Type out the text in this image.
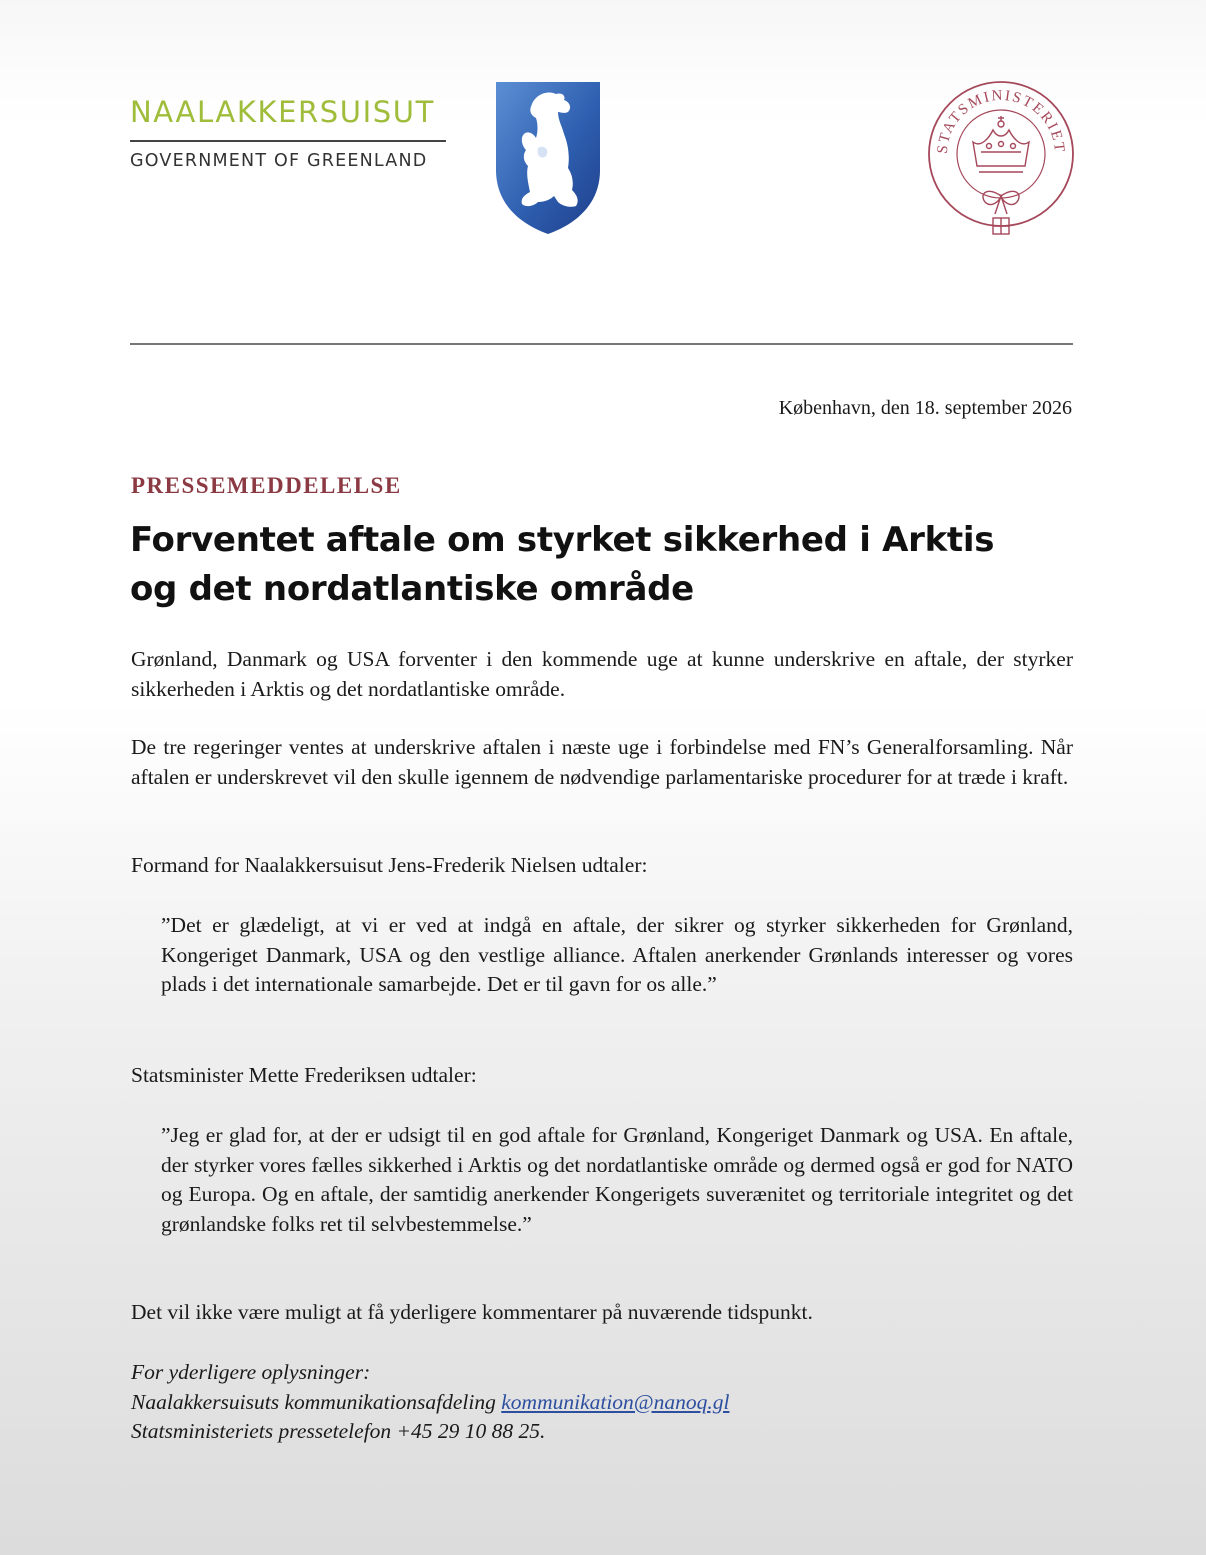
NAALAKKERSUISUT
GOVERNMENT OF GREENLAND
STATSMINISTERIET
København, den 18. september 2026
PRESSEMEDDELELSE
Forventet aftale om styrket sikkerhed i Arktis
og det nordatlantiske område
Grønland, Danmark og USA forventer i den kommende uge at kunne underskrive en aftale, der styrker sikkerheden i Arktis og det nordatlantiske område.
De tre regeringer ventes at underskrive aftalen i næste uge i forbindelse med FN’s Generalforsamling. Når aftalen er underskrevet vil den skulle igennem de nødvendige parlamentariske procedurer for at træde i kraft.
Formand for Naalakkersuisut Jens-Frederik Nielsen udtaler:
”Det er glædeligt, at vi er ved at indgå en aftale, der sikrer og styrker sikkerheden for Grønland, Kongeriget Danmark, USA og den vestlige alliance. Aftalen anerkender Grønlands interesser og vores plads i det internationale samarbejde. Det er til gavn for os alle.”
Statsminister Mette Frederiksen udtaler:
”Jeg er glad for, at der er udsigt til en god aftale for Grønland, Kongeriget Danmark og USA. En aftale, der styrker vores fælles sikkerhed i Arktis og det nordatlantiske område og dermed også er god for NATO og Europa. Og en aftale, der samtidig anerkender Kongerigets suverænitet og territoriale integritet og det grønlandske folks ret til selvbestemmelse.”
Det vil ikke være muligt at få yderligere kommentarer på nuværende tidspunkt.
For yderligere oplysninger:
Naalakkersuisuts kommunikationsafdeling kommunikation@nanoq.gl
Statsministeriets pressetelefon +45 29 10 88 25.
